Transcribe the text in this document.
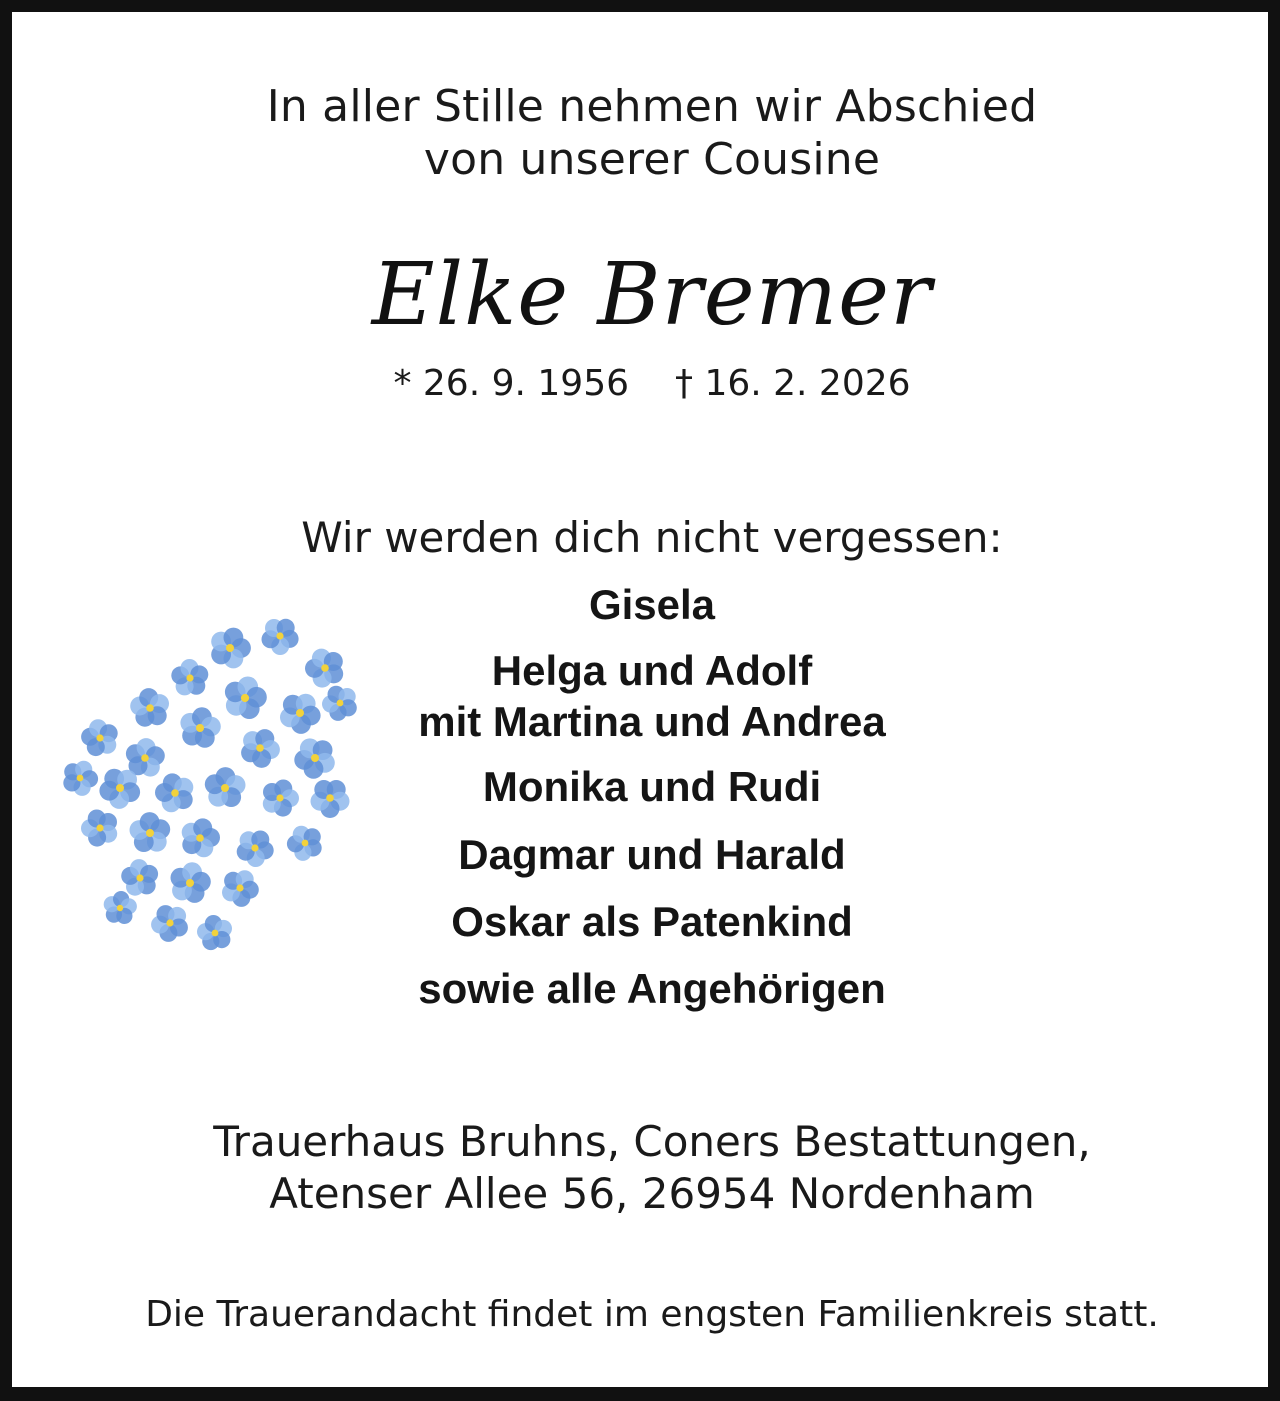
In aller Stille nehmen wir Abschied
von unserer Cousine
Elke Bremer
* 26. 9. 1956 † 16. 2. 2026
Wir werden dich nicht vergessen:
Gisela
Helga und Adolf
mit Martina und Andrea
Monika und Rudi
Dagmar und Harald
Oskar als Patenkind
sowie alle Angehörigen
Trauerhaus Bruhns, Coners Bestattungen,
Atenser Allee 56, 26954 Nordenham
Die Trauerandacht findet im engsten Familienkreis statt.
